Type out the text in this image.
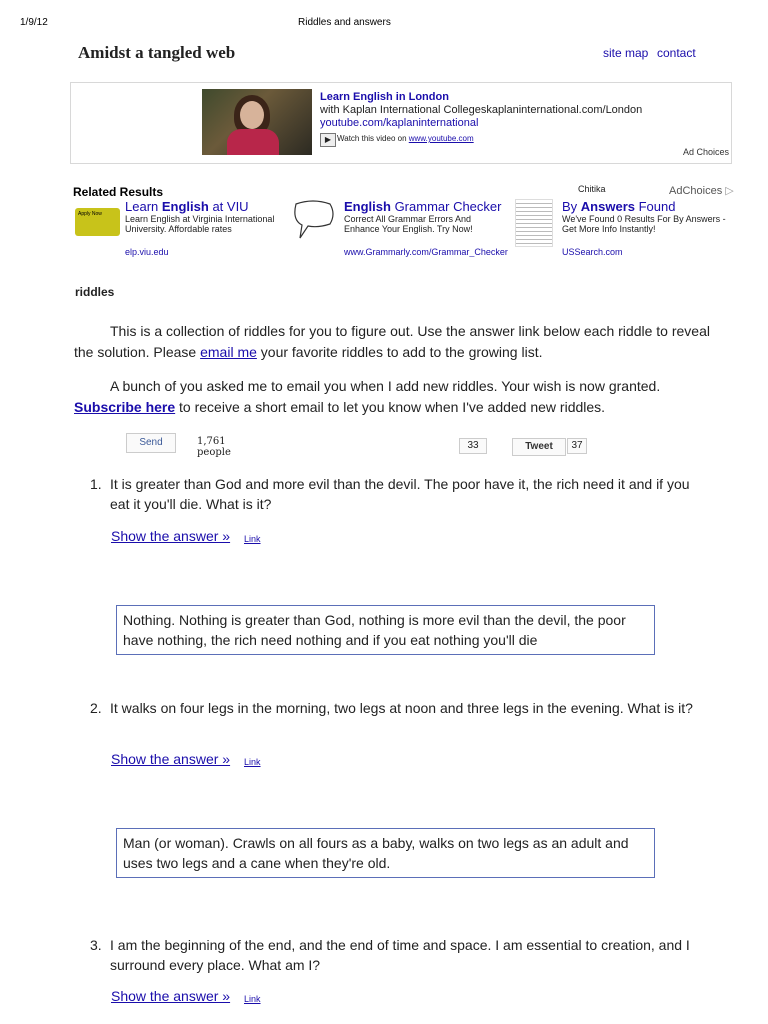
1/9/12	Riddles and answers
Amidst a tangled web	site map contact
Learn English in London
with Kaplan International Collegeskaplaninternational.com/London
youtube.com/kaplaninternational
▶ Watch this video on www.youtube.com
Ad Choices
Related Results	Chitika	AdChoices ▷
Apply Now	Learn English at VIU
Learn English at Virginia International University. Affordable rates
elp.viu.edu
English Grammar Checker
Correct All Grammar Errors And Enhance Your English. Try Now!
www.Grammarly.com/Grammar_Checker
By Answers Found
We've Found 0 Results For By Answers - Get More Info Instantly!
USSearch.com
riddles
This is a collection of riddles for you to figure out. Use the answer link below each riddle to reveal the solution. Please email me your favorite riddles to add to the growing list.
A bunch of you asked me to email you when I add new riddles. Your wish is now granted. Subscribe here to receive a short email to let you know when I've added new riddles.
Send	1,761
people
33	Tweet	37
1. It is greater than God and more evil than the devil. The poor have it, the rich need it and if you eat it you'll die. What is it?
Show the answer » Link
Nothing. Nothing is greater than God, nothing is more evil than the devil, the poor have nothing, the rich need nothing and if you eat nothing you'll die
2. It walks on four legs in the morning, two legs at noon and three legs in the evening. What is it?
Show the answer » Link
Man (or woman). Crawls on all fours as a baby, walks on two legs as an adult and uses two legs and a cane when they're old.
3. I am the beginning of the end, and the end of time and space. I am essential to creation, and I surround every place. What am I?
Show the answer » Link
